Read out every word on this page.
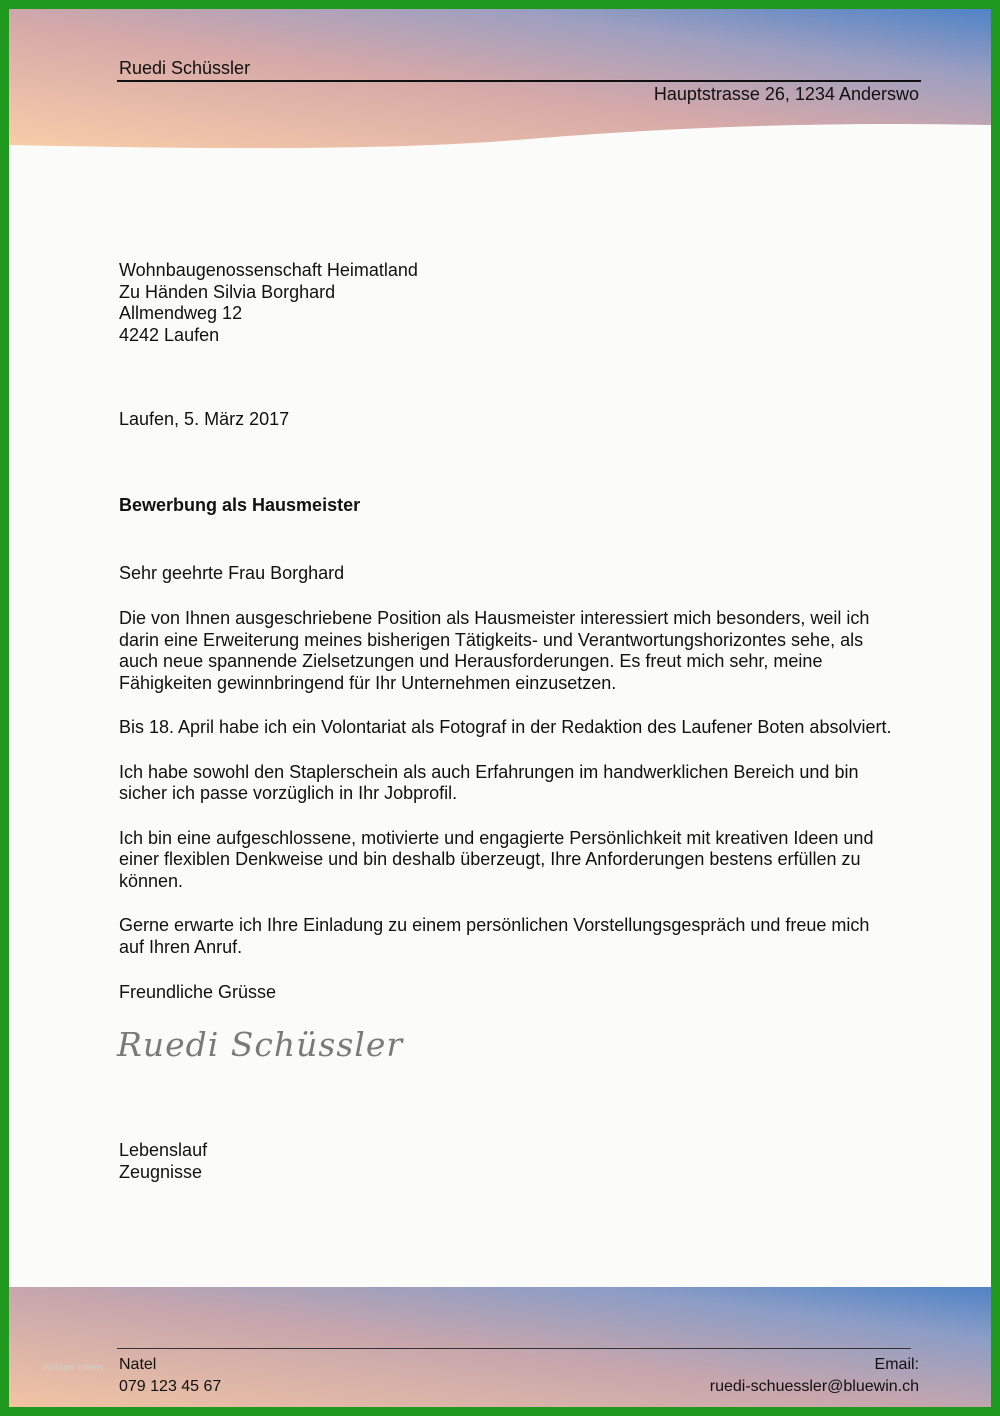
Ruedi Schüssler
Hauptstrasse 26, 1234 Anderswo
Wohnbaugenossenschaft Heimatland
Zu Händen Silvia Borghard
Allmendweg 12
4242 Laufen
Laufen, 5. März 2017
Bewerbung als Hausmeister
Sehr geehrte Frau Borghard

Die von Ihnen ausgeschriebene Position als Hausmeister interessiert mich besonders, weil ich
darin eine Erweiterung meines bisherigen Tätigkeits- und Verantwortungshorizontes sehe, als
auch neue spannende Zielsetzungen und Herausforderungen. Es freut mich sehr, meine
Fähigkeiten gewinnbringend für Ihr Unternehmen einzusetzen.

Bis 18. April habe ich ein Volontariat als Fotograf in der Redaktion des Laufener Boten absolviert.

Ich habe sowohl den Staplerschein als auch Erfahrungen im handwerklichen Bereich und bin
sicher ich passe vorzüglich in Ihr Jobprofil.

Ich bin eine aufgeschlossene, motivierte und engagierte Persönlichkeit mit kreativen Ideen und
einer flexiblen Denkweise und bin deshalb überzeugt, Ihre Anforderungen bestens erfüllen zu
können.

Gerne erwarte ich Ihre Einladung zu einem persönlichen Vorstellungsgespräch und freue mich
auf Ihren Anruf.

Freundliche Grüsse
Ruedi Schüssler
Lebenslauf
Zeugnisse
Natel
079 123 45 67
Email:
ruedi-schuessler@bluewin.ch
Vorlage Ideen
